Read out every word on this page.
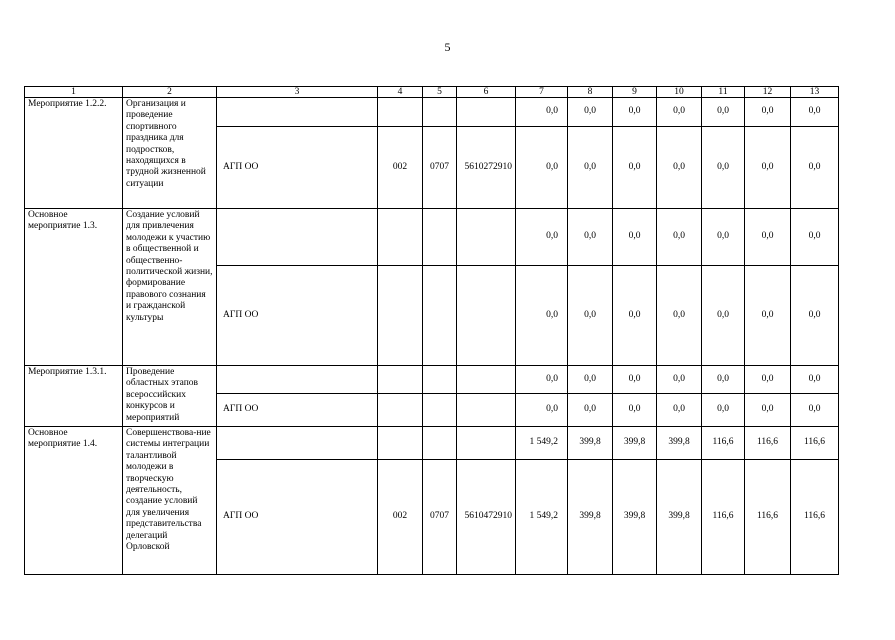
5
1	2	3	4	5	6	7	8	9	10	11	12	13
Мероприятие 1.2.2.	Организация и проведение спортивного праздника для подростков, находящихся в трудной жизненной ситуации					0,0	0,0	0,0	0,0	0,0	0,0	0,0
		АГП ОО	002	0707	5610272910	0,0	0,0	0,0	0,0	0,0	0,0	0,0
Основное мероприятие 1.3.	Создание условий для привлечения молодежи к участию в общественной и общественно-политической жизни, формирование правового сознания и гражданской культуры					0,0	0,0	0,0	0,0	0,0	0,0	0,0
		АГП ОО				0,0	0,0	0,0	0,0	0,0	0,0	0,0
Мероприятие 1.3.1.	Проведение областных этапов всероссийских конкурсов и мероприятий					0,0	0,0	0,0	0,0	0,0	0,0	0,0
		АГП ОО				0,0	0,0	0,0	0,0	0,0	0,0	0,0
Основное мероприятие 1.4.	Совершенствова-ние системы интеграции талантливой молодежи в творческую деятельность, создание условий для увеличения представительства делегаций Орловской					1 549,2	399,8	399,8	399,8	116,6	116,6	116,6
		АГП ОО	002	0707	5610472910	1 549,2	399,8	399,8	399,8	116,6	116,6	116,6
